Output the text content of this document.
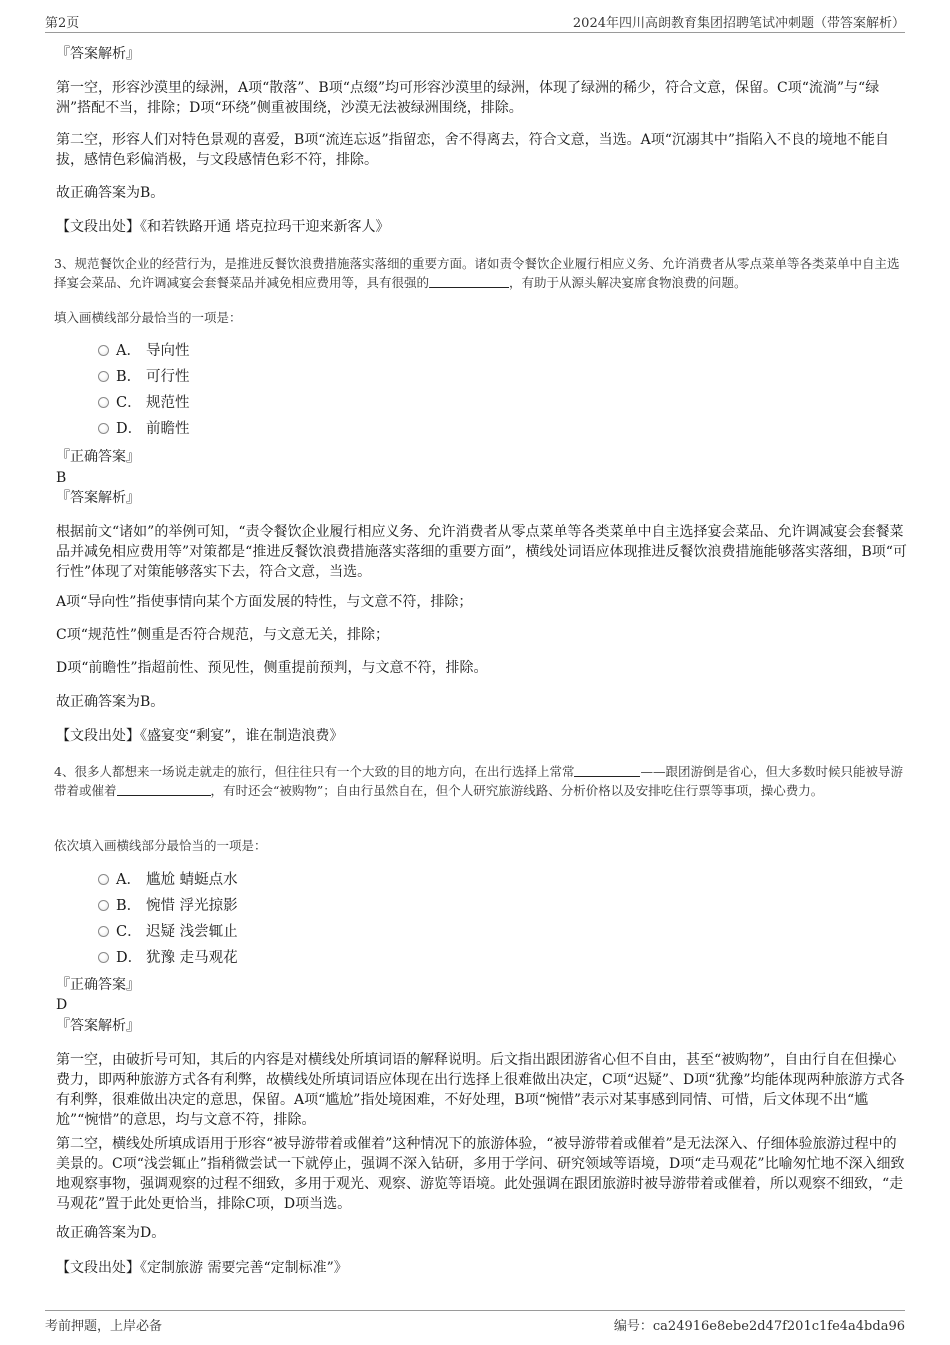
第2页	2024年四川高朗教育集团招聘笔试冲刺题（带答案解析）
『答案解析』
第一空，形容沙漠里的绿洲，A项“散落”、B项“点缀”均可形容沙漠里的绿洲，体现了绿洲的稀少，符合文意，保留。C项“流淌”与“绿洲”搭配不当，排除；D项“环绕”侧重被围绕，沙漠无法被绿洲围绕，排除。
第二空，形容人们对特色景观的喜爱，B项“流连忘返”指留恋，舍不得离去，符合文意，当选。A项“沉溺其中”指陷入不良的境地不能自拔，感情色彩偏消极，与文段感情色彩不符，排除。
故正确答案为B。
【文段出处】《和若铁路开通 塔克拉玛干迎来新客人》
3、规范餐饮企业的经营行为，是推进反餐饮浪费措施落实落细的重要方面。诸如责令餐饮企业履行相应义务、允许消费者从零点菜单等各类菜单中自主选择宴会菜品、允许调减宴会套餐菜品并减免相应费用等，具有很强的	，有助于从源头解决宴席食物浪费的问题。
填入画横线部分最恰当的一项是：
A． 导向性
B． 可行性
C． 规范性
D． 前瞻性
『正确答案』
B
『答案解析』
根据前文“诸如”的举例可知，“责令餐饮企业履行相应义务、允许消费者从零点菜单等各类菜单中自主选择宴会菜品、允许调减宴会套餐菜品并减免相应费用等”对策都是“推进反餐饮浪费措施落实落细的重要方面”，横线处词语应体现推进反餐饮浪费措施能够落实落细，B项“可行性”体现了对策能够落实下去，符合文意，当选。
A项“导向性”指使事情向某个方面发展的特性，与文意不符，排除；
C项“规范性”侧重是否符合规范，与文意无关，排除；
D项“前瞻性”指超前性、预见性，侧重提前预判，与文意不符，排除。
故正确答案为B。
【文段出处】《盛宴变“剩宴”，谁在制造浪费》
4、很多人都想来一场说走就走的旅行，但往往只有一个大致的目的地方向，在出行选择上常常	——跟团游倒是省心，但大多数时候只能被导游带着或催着	，有时还会“被购物”；自由行虽然自在，但个人研究旅游线路、分析价格以及安排吃住行票等事项，操心费力。
依次填入画横线部分最恰当的一项是：
A． 尴尬 蜻蜓点水
B． 惋惜 浮光掠影
C． 迟疑 浅尝辄止
D． 犹豫 走马观花
『正确答案』
D
『答案解析』
第一空，由破折号可知，其后的内容是对横线处所填词语的解释说明。后文指出跟团游省心但不自由，甚至“被购物”，自由行自在但操心费力，即两种旅游方式各有利弊，故横线处所填词语应体现在出行选择上很难做出决定，C项“迟疑”、D项“犹豫”均能体现两种旅游方式各有利弊，很难做出决定的意思，保留。A项“尴尬”指处境困难，不好处理，B项“惋惜”表示对某事感到同情、可惜，后文体现不出“尴尬”“惋惜”的意思，均与文意不符，排除。
第二空，横线处所填成语用于形容“被导游带着或催着”这种情况下的旅游体验，“被导游带着或催着”是无法深入、仔细体验旅游过程中的美景的。C项“浅尝辄止”指稍微尝试一下就停止，强调不深入钻研，多用于学问、研究领域等语境，D项“走马观花”比喻匆忙地不深入细致地观察事物，强调观察的过程不细致，多用于观光、观察、游览等语境。此处强调在跟团旅游时被导游带着或催着，所以观察不细致，“走马观花”置于此处更恰当，排除C项，D项当选。
故正确答案为D。
【文段出处】《定制旅游 需要完善“定制标准”》
考前押题，上岸必备	编号：ca24916e8ebe2d47f201c1fe4a4bda96
